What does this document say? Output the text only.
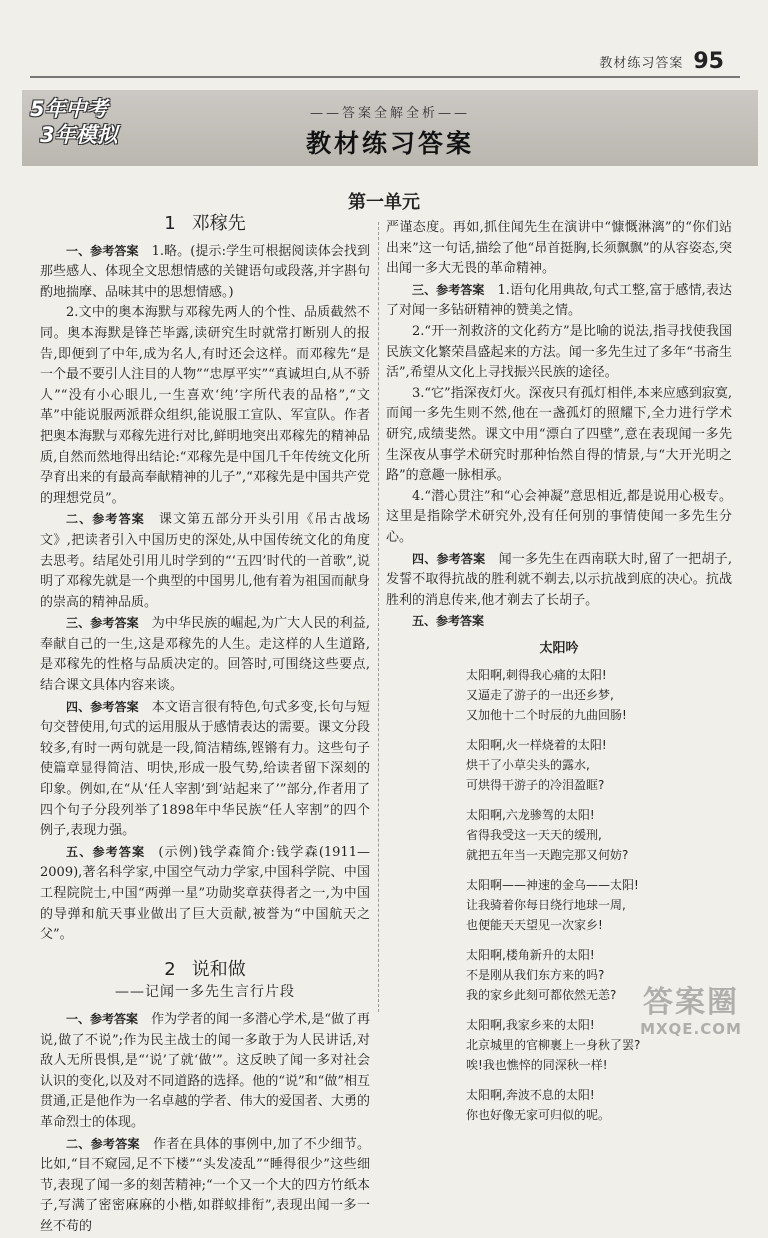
教材练习答案 95
5年中考
3年模拟
——答案全解全析——
教材练习答案
第一单元
1 邓稼先

一、参考答案  1.略。(提示:学生可根据阅读体会找到那些感人、体现全文思想情感的关键语句或段落,并字斟句酌地揣摩、品味其中的思想情感。)

2.文中的奥本海默与邓稼先两人的个性、品质截然不同。奥本海默是锋芒毕露,读研究生时就常打断别人的报告,即便到了中年,成为名人,有时还会这样。而邓稼先“是一个最不要引人注目的人物”“忠厚平实”“真诚坦白,从不骄人”“没有小心眼儿,一生喜欢‘纯’字所代表的品格”,“文革”中能说服两派群众组织,能说服工宣队、军宣队。作者把奥本海默与邓稼先进行对比,鲜明地突出邓稼先的精神品质,自然而然地得出结论:“邓稼先是中国几千年传统文化所孕育出来的有最高奉献精神的儿子”,“邓稼先是中国共产党的理想党员”。

二、参考答案  课文第五部分开头引用《吊古战场文》,把读者引入中国历史的深处,从中国传统文化的角度去思考。结尾处引用儿时学到的“‘五四’时代的一首歌”,说明了邓稼先就是一个典型的中国男儿,他有着为祖国而献身的崇高的精神品质。

三、参考答案  为中华民族的崛起,为广大人民的利益,奉献自己的一生,这是邓稼先的人生。走这样的人生道路,是邓稼先的性格与品质决定的。回答时,可围绕这些要点,结合课文具体内容来谈。

四、参考答案  本文语言很有特色,句式多变,长句与短句交替使用,句式的运用服从于感情表达的需要。课文分段较多,有时一两句就是一段,简洁精练,铿锵有力。这些句子使篇章显得简洁、明快,形成一股气势,给读者留下深刻的印象。例如,在“从‘任人宰割’到‘站起来了’”部分,作者用了四个句子分段列举了1898年中华民族“任人宰割”的四个例子,表现力强。

五、参考答案  (示例)钱学森简介:钱学森(1911—2009),著名科学家,中国空气动力学家,中国科学院、中国工程院院士,中国“两弹一星”功勋奖章获得者之一,为中国的导弹和航天事业做出了巨大贡献,被誉为“中国航天之父”。

2 说和做
——记闻一多先生言行片段

一、参考答案  作为学者的闻一多潜心学术,是“做了再说,做了不说”;作为民主战士的闻一多敢于为人民讲话,对敌人无所畏惧,是“‘说’了就‘做’”。这反映了闻一多对社会认识的变化,以及对不同道路的选择。他的“说”和“做”相互贯通,正是他作为一名卓越的学者、伟大的爱国者、大勇的革命烈士的体现。

二、参考答案  作者在具体的事例中,加了不少细节。比如,“目不窥园,足不下楼”“头发凌乱”“睡得很少”这些细节,表现了闻一多的刻苦精神;“一个又一个大的四方竹纸本子,写满了密密麻麻的小楷,如群蚁排衔”,表现出闻一多一丝不苟的

严谨态度。再如,抓住闻先生在演讲中“慷慨淋漓”的“你们站出来”这一句话,描绘了他“昂首挺胸,长须飘飘”的从容姿态,突出闻一多大无畏的革命精神。

三、参考答案  1.语句化用典故,句式工整,富于感情,表达了对闻一多钻研精神的赞美之情。

2.“开一剂救济的文化药方”是比喻的说法,指寻找使我国民族文化繁荣昌盛起来的方法。闻一多先生过了多年“书斋生活”,希望从文化上寻找振兴民族的途径。

3.“它”指深夜灯火。深夜只有孤灯相伴,本来应感到寂寞,而闻一多先生则不然,他在一盏孤灯的照耀下,全力进行学术研究,成绩斐然。课文中用“漂白了四壁”,意在表现闻一多先生深夜从事学术研究时那种怡然自得的情景,与“大开光明之路”的意趣一脉相承。

4.“潜心贯注”和“心会神凝”意思相近,都是说用心极专。这里是指除学术研究外,没有任何别的事情使闻一多先生分心。

四、参考答案  闻一多先生在西南联大时,留了一把胡子,发誓不取得抗战的胜利就不剃去,以示抗战到底的决心。抗战胜利的消息传来,他才剃去了长胡子。

五、参考答案 

太阳吟
太阳啊,刺得我心痛的太阳!
又逼走了游子的一出还乡梦,
又加他十二个时辰的九曲回肠!
太阳啊,火一样烧着的太阳!
烘干了小草尖头的露水,
可烘得干游子的冷泪盈眶?
太阳啊,六龙骖驾的太阳!
省得我受这一天天的缓刑,
就把五年当一天跑完那又何妨?
太阳啊——神速的金乌——太阳!
让我骑着你每日绕行地球一周,
也便能天天望见一次家乡!
太阳啊,楼角新升的太阳!
不是刚从我们东方来的吗?
我的家乡此刻可都依然无恙?
太阳啊,我家乡来的太阳!
北京城里的官柳裹上一身秋了罢?
唉!我也憔悴的同深秋一样!
太阳啊,奔波不息的太阳!
你也好像无家可归似的呢。
答案圈
MXQE.COM
